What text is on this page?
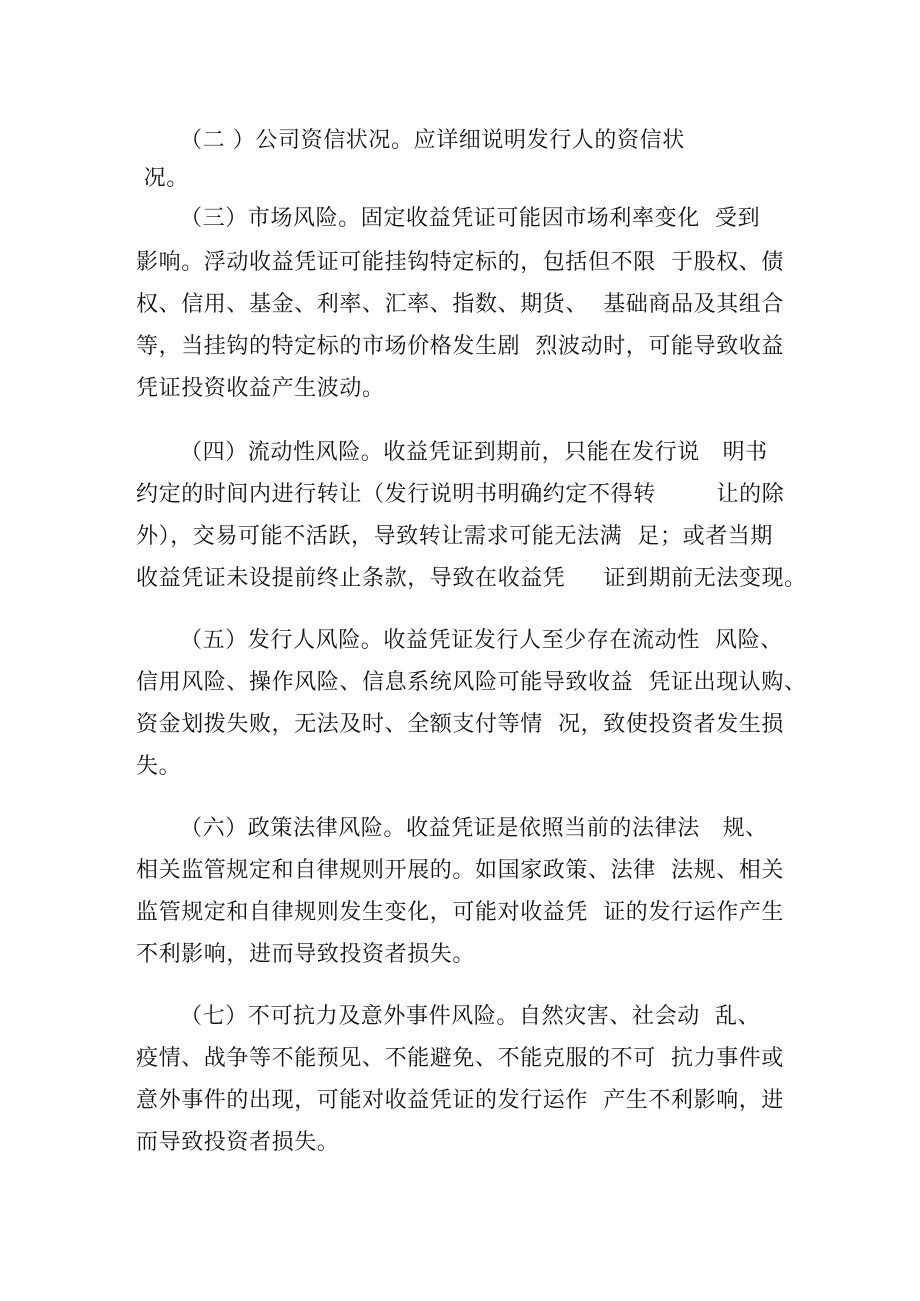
（二 ）公司资信状况。应详细说明发行人的资信状
况。
（三）市场风险。固定收益凭证可能因市场利率变化  受到
影响。浮动收益凭证可能挂钩特定标的，包括但不限  于股权、债
权、信用、基金、利率、汇率、指数、期货、  基础商品及其组合
等，当挂钩的特定标的市场价格发生剧  烈波动时，可能导致收益
凭证投资收益产生波动。
（四）流动性风险。收益凭证到期前，只能在发行说   明书
约定的时间内进行转让（发行说明书明确约定不得转        让的除
外），交易可能不活跃，导致转让需求可能无法满  足；或者当期
收益凭证未设提前终止条款，导致在收益凭     证到期前无法变现。
（五）发行人风险。收益凭证发行人至少存在流动性  风险、
信用风险、操作风险、信息系统风险可能导致收益  凭证出现认购、
资金划拨失败，无法及时、全额支付等情  况，致使投资者发生损
失。
（六）政策法律风险。收益凭证是依照当前的法律法   规、
相关监管规定和自律规则开展的。如国家政策、法律  法规、相关
监管规定和自律规则发生变化，可能对收益凭  证的发行运作产生
不利影响，进而导致投资者损失。
（七）不可抗力及意外事件风险。自然灾害、社会动  乱、
疫情、战争等不能预见、不能避免、不能克服的不可  抗力事件或
意外事件的出现，可能对收益凭证的发行运作  产生不利影响，进
而导致投资者损失。
